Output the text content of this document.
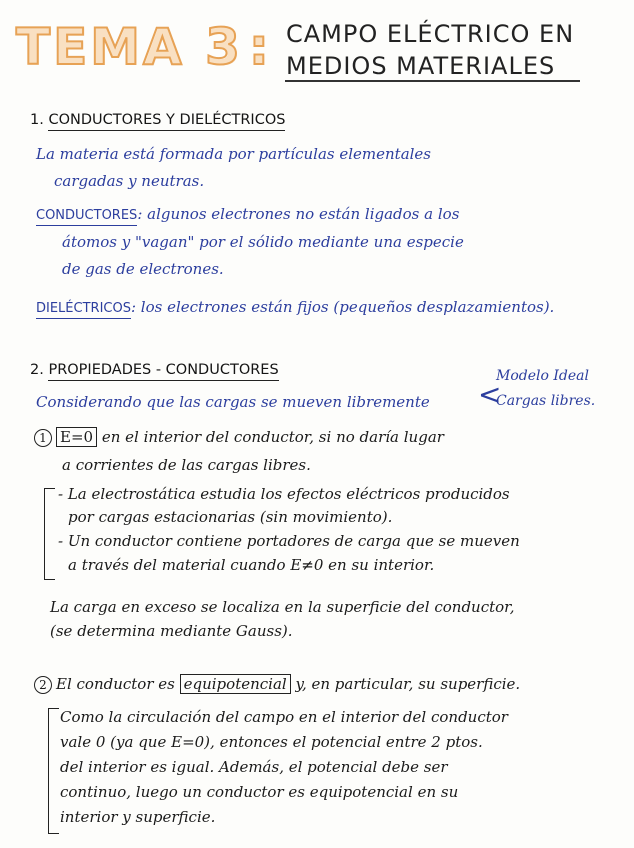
TEMA 3 : CAMPO ELÉCTRICO EN
MEDIOS MATERIALES
1. CONDUCTORES Y DIELÉCTRICOS
La materia está formada por partículas elementales
cargadas y neutras.
CONDUCTORES: algunos electrones no están ligados a los
átomos y "vagan" por el sólido mediante una especie
de gas de electrones.
DIELÉCTRICOS: los electrones están fijos (pequeños desplazamientos).
2. PROPIEDADES - CONDUCTORES
Considerando que las cargas se mueven libremente <
Modelo Ideal
Cargas libres.
1 E=0 en el interior del conductor, si no daría lugar
a corrientes de las cargas libres.
- La electrostática estudia los efectos eléctricos producidos
por cargas estacionarias (sin movimiento).
- Un conductor contiene portadores de carga que se mueven
a través del material cuando E≠0 en su interior.
La carga en exceso se localiza en la superficie del conductor,
(se determina mediante Gauss).
2 El conductor es equipotencial y, en particular, su superficie.
Como la circulación del campo en el interior del conductor
vale 0 (ya que E=0), entonces el potencial entre 2 ptos.
del interior es igual. Además, el potencial debe ser
continuo, luego un conductor es equipotencial en su
interior y superficie.
